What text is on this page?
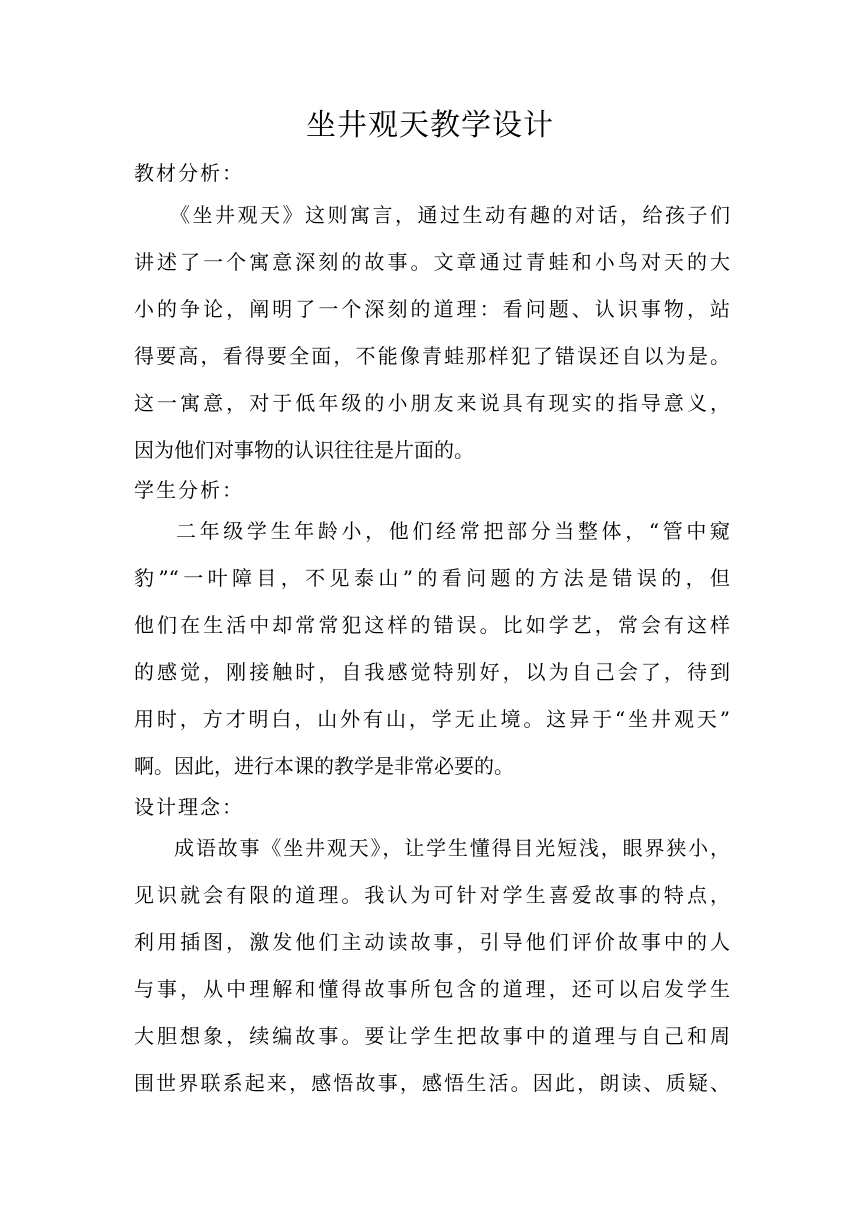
坐井观天教学设计
教材分析：
《坐井观天》这则寓言，通过生动有趣的对话，给孩子们
讲述了一个寓意深刻的故事。文章通过青蛙和小鸟对天的大
小的争论，阐明了一个深刻的道理：看问题、认识事物，站
得要高，看得要全面，不能像青蛙那样犯了错误还自以为是。
这一寓意，对于低年级的小朋友来说具有现实的指导意义，
因为他们对事物的认识往往是片面的。
学生分析：
二年级学生年龄小，他们经常把部分当整体，“管中窥
豹”“一叶障目，不见泰山”的看问题的方法是错误的，但
他们在生活中却常常犯这样的错误。比如学艺，常会有这样
的感觉，刚接触时，自我感觉特别好，以为自己会了，待到
用时，方才明白，山外有山，学无止境。这异于“坐井观天”
啊。因此，进行本课的教学是非常必要的。
设计理念：
成语故事《坐井观天》，让学生懂得目光短浅，眼界狭小，
见识就会有限的道理。我认为可针对学生喜爱故事的特点，
利用插图，激发他们主动读故事，引导他们评价故事中的人
与事，从中理解和懂得故事所包含的道理，还可以启发学生
大胆想象，续编故事。要让学生把故事中的道理与自己和周
围世界联系起来，感悟故事，感悟生活。因此，朗读、质疑、
